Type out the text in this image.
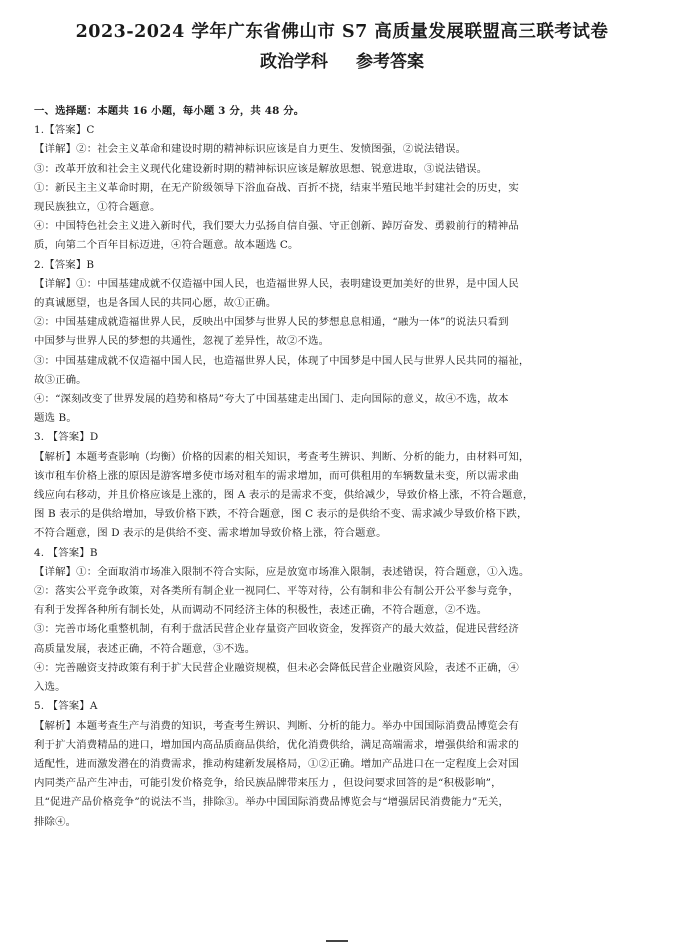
2023-2024 学年广东省佛山市 S7 高质量发展联盟高三联考试卷
政治学科 参考答案
一、选择题：本题共 16 小题，每小题 3 分，共 48 分。
1.【答案】C
【详解】②：社会主义革命和建设时期的精神标识应该是自力更生、发愤图强，②说法错误。
③：改革开放和社会主义现代化建设新时期的精神标识应该是解放思想、锐意进取，③说法错误。
①：新民主主义革命时期，在无产阶级领导下浴血奋战、百折不挠，结束半殖民地半封建社会的历史，实
现民族独立，①符合题意。
④：中国特色社会主义进入新时代，我们要大力弘扬自信自强、守正创新、踔厉奋发、勇毅前行的精神品
质，向第二个百年目标迈进，④符合题意。故本题选 C。
2.【答案】B
【详解】①：中国基建成就不仅造福中国人民，也造福世界人民，表明建设更加美好的世界，是中国人民
的真诚愿望，也是各国人民的共同心愿，故①正确。
②：中国基建成就造福世界人民，反映出中国梦与世界人民的梦想息息相通，“融为一体”的说法只看到
中国梦与世界人民的梦想的共通性，忽视了差异性，故②不选。
③：中国基建成就不仅造福中国人民，也造福世界人民，体现了中国梦是中国人民与世界人民共同的福祉，
故③正确。
④：“深刻改变了世界发展的趋势和格局”夸大了中国基建走出国门、走向国际的意义，故④不选，故本
题选 B。
3. 【答案】D
【解析】本题考查影响（均衡）价格的因素的相关知识，考查考生辨识、判断、分析的能力，由材料可知，
该市租车价格上涨的原因是游客增多使市场对租车的需求增加，而可供租用的车辆数量未变，所以需求曲
线应向右移动，并且价格应该是上涨的，图 A 表示的是需求不变，供给减少，导致价格上涨，不符合题意，
图 B 表示的是供给增加，导致价格下跌，不符合题意，图 C 表示的是供给不变、需求减少导致价格下跌，
不符合题意，图 D 表示的是供给不变、需求增加导致价格上涨，符合题意。
4. 【答案】B
【详解】①：全面取消市场准入限制不符合实际，应是放宽市场准入限制，表述错误，符合题意，①入选。
②：落实公平竞争政策，对各类所有制企业一视同仁、平等对待，公有制和非公有制公开公平参与竞争，
有利于发挥各种所有制长处，从而调动不同经济主体的积极性，表述正确，不符合题意，②不选。
③：完善市场化重整机制，有利于盘活民营企业存量资产回收资金，发挥资产的最大效益，促进民营经济
高质量发展，表述正确，不符合题意，③不选。
④：完善融资支持政策有利于扩大民营企业融资规模，但未必会降低民营企业融资风险，表述不正确，④
入选。
5. 【答案】A
【解析】本题考查生产与消费的知识，考查考生辨识、判断、分析的能力。举办中国国际消费品博览会有
利于扩大消费精品的进口，增加国内高品质商品供给，优化消费供给，满足高端需求，增强供给和需求的
适配性，进而激发潜在的消费需求，推动构建新发展格局，①②正确。增加产品进口在一定程度上会对国
内同类产品产生冲击，可能引发价格竞争，给民族品牌带来压力 ，但设问要求回答的是“积极影响”，
且“促进产品价格竞争”的说法不当，排除③。举办中国国际消费品博览会与“增强居民消费能力”无关，
排除④。
